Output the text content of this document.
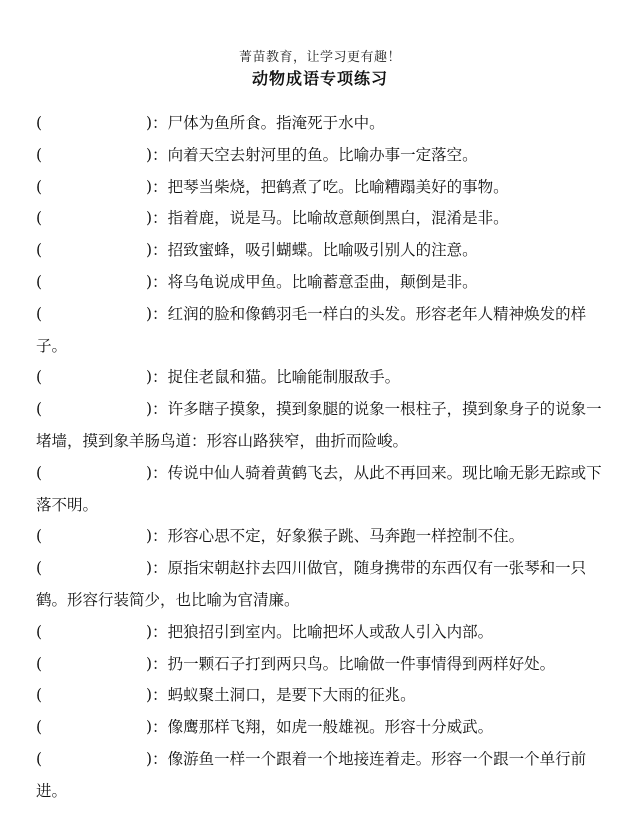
菁苗教育，让学习更有趣！
动物成语专项练习

(	)：尸体为鱼所食。指淹死于水中。

(	)：向着天空去射河里的鱼。比喻办事一定落空。

(	)：把琴当柴烧，把鹤煮了吃。比喻糟蹋美好的事物。

(	)：指着鹿，说是马。比喻故意颠倒黑白，混淆是非。

(	)：招致蜜蜂，吸引蝴蝶。比喻吸引别人的注意。

(	)：将乌龟说成甲鱼。比喻蓄意歪曲，颠倒是非。

(	)：红润的脸和像鹤羽毛一样白的头发。形容老年人精神焕发的样子。

(	)：捉住老鼠和猫。比喻能制服敌手。

(	)：许多瞎子摸象，摸到象腿的说象一根柱子，摸到象身子的说象一堵墙，摸到象羊肠鸟道：形容山路狭窄，曲折而险峻。

(	)：传说中仙人骑着黄鹤飞去，从此不再回来。现比喻无影无踪或下落不明。

(	)：形容心思不定，好象猴子跳、马奔跑一样控制不住。

(	)：原指宋朝赵抃去四川做官，随身携带的东西仅有一张琴和一只鹤。形容行装简少，也比喻为官清廉。

(	)：把狼招引到室内。比喻把坏人或敌人引入内部。

(	)：扔一颗石子打到两只鸟。比喻做一件事情得到两样好处。

(	)：蚂蚁聚土洞口，是要下大雨的征兆。

(	)：像鹰那样飞翔，如虎一般雄视。形容十分威武。

(	)：像游鱼一样一个跟着一个地接连着走。形容一个跟一个单行前进。
